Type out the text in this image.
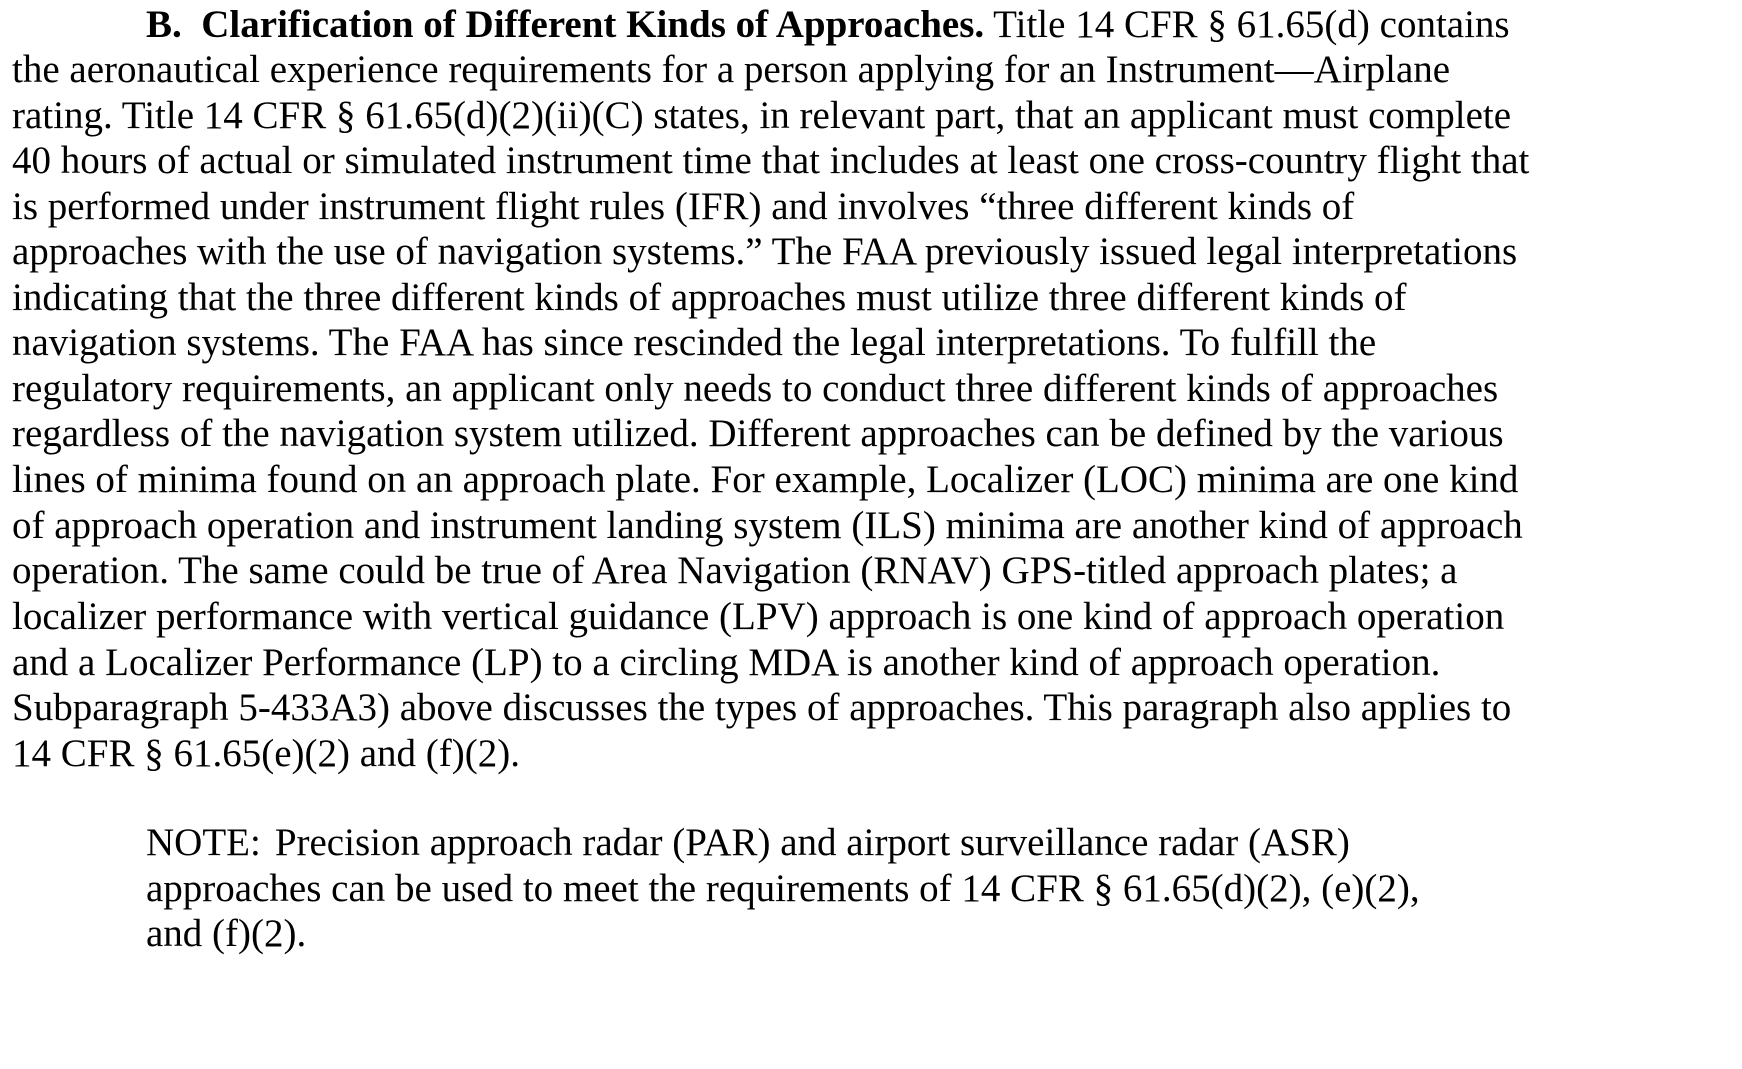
B. Clarification of Different Kinds of Approaches. Title 14 CFR § 61.65(d) contains
the aeronautical experience requirements for a person applying for an Instrument—Airplane
rating. Title 14 CFR § 61.65(d)(2)(ii)(C) states, in relevant part, that an applicant must complete
40 hours of actual or simulated instrument time that includes at least one cross-country flight that
is performed under instrument flight rules (IFR) and involves “three different kinds of
approaches with the use of navigation systems.” The FAA previously issued legal interpretations
indicating that the three different kinds of approaches must utilize three different kinds of
navigation systems. The FAA has since rescinded the legal interpretations. To fulfill the
regulatory requirements, an applicant only needs to conduct three different kinds of approaches
regardless of the navigation system utilized. Different approaches can be defined by the various
lines of minima found on an approach plate. For example, Localizer (LOC) minima are one kind
of approach operation and instrument landing system (ILS) minima are another kind of approach
operation. The same could be true of Area Navigation (RNAV) GPS-titled approach plates; a
localizer performance with vertical guidance (LPV) approach is one kind of approach operation
and a Localizer Performance (LP) to a circling MDA is another kind of approach operation.
Subparagraph 5-433A3) above discusses the types of approaches. This paragraph also applies to
14 CFR § 61.65(e)(2) and (f)(2).
NOTE: Precision approach radar (PAR) and airport surveillance radar (ASR)
approaches can be used to meet the requirements of 14 CFR § 61.65(d)(2), (e)(2),
and (f)(2).
